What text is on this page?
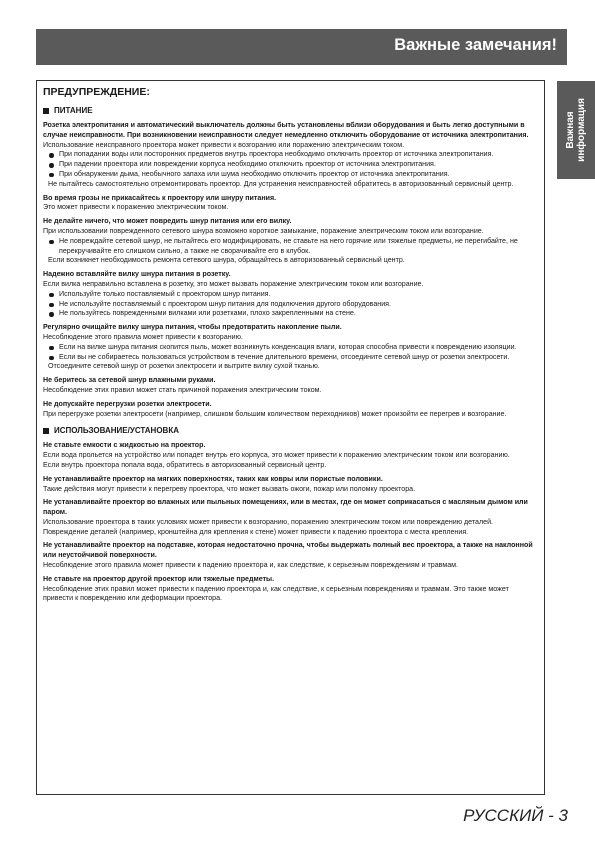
Важные замечания!
Важная информация
ПРЕДУПРЕЖДЕНИЕ:
ПИТАНИЕ

Розетка электропитания и автоматический выключатель должны быть установлены вблизи оборудования и быть легко доступными в случае неисправности. При возникновении неисправности следует немедленно отключить оборудование от источника электропитания.

Использование неисправного проектора может привести к возгоранию или поражению электрическим током.

При попадании воды или посторонних предметов внутрь проектора необходимо отключить проектор от источника электропитания.

При падении проектора или повреждении корпуса необходимо отключить проектор от источника электропитания.

При обнаружении дыма, необычного запаха или шума необходимо отключить проектор от источника электропитания.

Не пытайтесь самостоятельно отремонтировать проектор. Для устранения неисправностей обратитесь в авторизованный сервисный центр.

Во время грозы не прикасайтесь к проектору или шнуру питания.

Это может привести к поражению электрическим током.

Не делайте ничего, что может повредить шнур питания или его вилку.

При использовании поврежденного сетевого шнура возможно короткое замыкание, поражение электрическим током или возгорание.

Не повреждайте сетевой шнур, не пытайтесь его модифицировать, не ставьте на него горячие или тяжелые предметы, не перегибайте, не перекручивайте его слишком сильно, а также не сворачивайте его в клубок.

Если возникнет необходимость ремонта сетевого шнура, обращайтесь в авторизованный сервисный центр.

Надежно вставляйте вилку шнура питания в розетку.

Если вилка неправильно вставлена в розетку, это может вызвать поражение электрическим током или возгорание.

Используйте только поставляемый с проектором шнур питания.

Не используйте поставляемый с проектором шнур питания для подключения другого оборудования.

Не пользуйтесь поврежденными вилками или розетками, плохо закрепленными на стене.

Регулярно очищайте вилку шнура питания, чтобы предотвратить накопление пыли.

Несоблюдение этого правила может привести к возгоранию.

Если на вилке шнура питания скопится пыль, может возникнуть конденсация влаги, которая способна привести к повреждению изоляции.

Если вы не собираетесь пользоваться устройством в течение длительного времени, отсоедините сетевой шнур от розетки электросети.

Отсоедините сетевой шнур от розетки электросети и вытрите вилку сухой тканью.

Не беритесь за сетевой шнур влажными руками.

Несоблюдение этих правил может стать причиной поражения электрическим током.

Не допускайте перегрузки розетки электросети.

При перегрузке розетки электросети (например, слишком большим количеством переходников) может произойти ее перегрев и возгорание.

ИСПОЛЬЗОВАНИЕ/УСТАНОВКА

Не ставьте емкости с жидкостью на проектор.

Если вода прольется на устройство или попадет внутрь его корпуса, это может привести к поражению электрическим током или возгоранию.

Если внутрь проектора попала вода, обратитесь в авторизованный сервисный центр.

Не устанавливайте проектор на мягких поверхностях, таких как ковры или пористые половики.

Такие действия могут привести к перегреву проектора, что может вызвать ожоги, пожар или поломку проектора.

Не устанавливайте проектор во влажных или пыльных помещениях, или в местах, где он может соприкасаться с масляным дымом или паром.

Использование проектора в таких условиях может привести к возгоранию, поражению электрическим током или повреждению деталей. Повреждение деталей (например, кронштейна для крепления к стене) может привести к падению проектора с места крепления.

Не устанавливайте проектор на подставке, которая недостаточно прочна, чтобы выдержать полный вес проектора, а также на наклонной или неустойчивой поверхности.

Несоблюдение этого правила может привести к падению проектора и, как следствие, к серьезным повреждениям и травмам.

Не ставьте на проектор другой проектор или тяжелые предметы.

Несоблюдение этих правил может привести к падению проектора и, как следствие, к серьезным повреждениям и травмам. Это также может привести к повреждению или деформации проектора.

РУССКИЙ - 3
